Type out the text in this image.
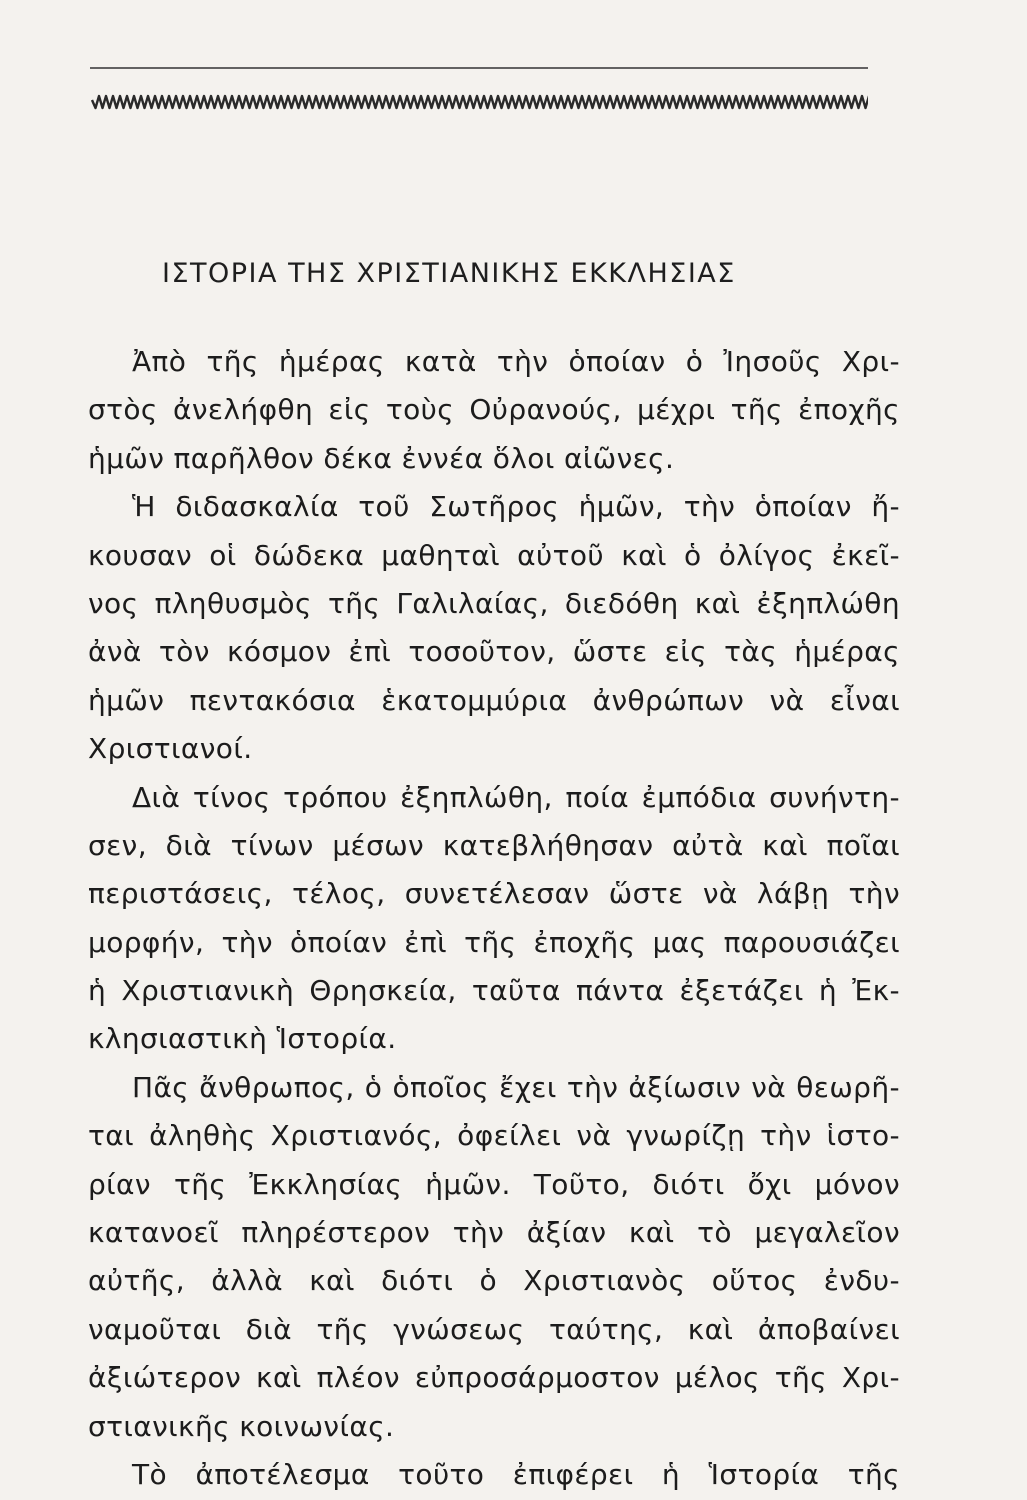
ΙΣΤΟΡΙΑ ΤΗΣ ΧΡΙΣΤΙΑΝΙΚΗΣ ΕΚΚΛΗΣΙΑΣ
Ἀπὸ τῆς ἡμέρας κατὰ τὴν ὁποίαν ὁ Ἰησοῦς Χρι-
στὸς ἀνελήφθη εἰς τοὺς Οὐρανούς, μέχρι τῆς ἐποχῆς
ἡμῶν παρῆλθον δέκα ἐννέα ὅλοι αἰῶνες.
Ἡ διδασκαλία τοῦ Σωτῆρος ἡμῶν, τὴν ὁποίαν ἤ-
κουσαν οἱ δώδεκα μαθηταὶ αὐτοῦ καὶ ὁ ὀλίγος ἐκεῖ-
νος πληθυσμὸς τῆς Γαλιλαίας, διεδόθη καὶ ἐξηπλώθη
ἀνὰ τὸν κόσμον ἐπὶ τοσοῦτον, ὥστε εἰς τὰς ἡμέρας
ἡμῶν πεντακόσια ἑκατομμύρια ἀνθρώπων νὰ εἶναι
Χριστιανοί.
Διὰ τίνος τρόπου ἐξηπλώθη, ποία ἐμπόδια συνήντη-
σεν, διὰ τίνων μέσων κατεβλήθησαν αὐτὰ καὶ ποῖαι
περιστάσεις, τέλος, συνετέλεσαν ὥστε νὰ λάβῃ τὴν
μορφήν, τὴν ὁποίαν ἐπὶ τῆς ἐποχῆς μας παρουσιάζει
ἡ Χριστιανικὴ Θρησκεία, ταῦτα πάντα ἐξετάζει ἡ Ἐκ-
κλησιαστικὴ Ἱστορία.
Πᾶς ἄνθρωπος, ὁ ὁποῖος ἔχει τὴν ἀξίωσιν νὰ θεωρῆ-
ται ἀληθὴς Χριστιανός, ὀφείλει νὰ γνωρίζῃ τὴν ἱστο-
ρίαν τῆς Ἐκκλησίας ἡμῶν. Τοῦτο, διότι ὄχι μόνον
κατανοεῖ πληρέστερον τὴν ἀξίαν καὶ τὸ μεγαλεῖον
αὐτῆς, ἀλλὰ καὶ διότι ὁ Χριστιανὸς οὕτος ἐνδυ-
ναμοῦται διὰ τῆς γνώσεως ταύτης, καὶ ἀποβαίνει
ἀξιώτερον καὶ πλέον εὐπροσάρμοστον μέλος τῆς Χρι-
στιανικῆς κοινωνίας.
Τὸ ἀποτέλεσμα τοῦτο ἐπιφέρει ἡ Ἱστορία τῆς
